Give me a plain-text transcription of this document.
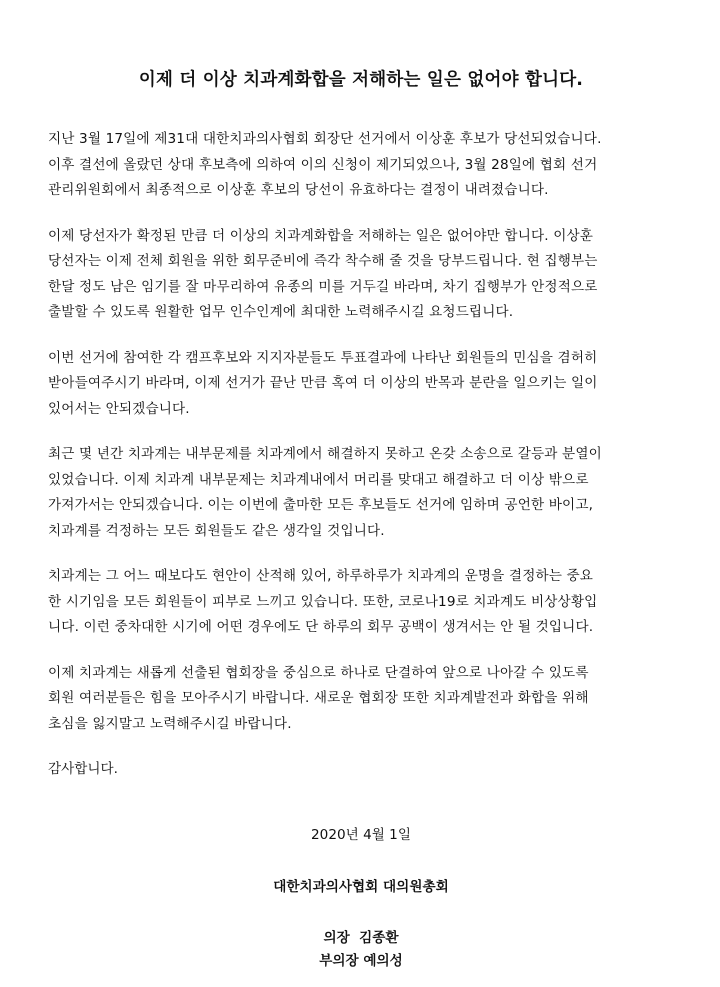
이제 더 이상 치과계화합을 저해하는 일은 없어야 합니다.

지난 3월 17일에 제31대 대한치과의사협회 회장단 선거에서 이상훈 후보가 당선되었습니다.
이후 결선에 올랐던 상대 후보측에 의하여 이의 신청이 제기되었으나, 3월 28일에 협회 선거
관리위원회에서 최종적으로 이상훈 후보의 당선이 유효하다는 결정이 내려졌습니다.

이제 당선자가 확정된 만큼 더 이상의 치과계화합을 저해하는 일은 없어야만 합니다. 이상훈
당선자는 이제 전체 회원을 위한 회무준비에 즉각 착수해 줄 것을 당부드립니다. 현 집행부는
한달 정도 남은 임기를 잘 마무리하여 유종의 미를 거두길 바라며, 차기 집행부가 안정적으로
출발할 수 있도록 원활한 업무 인수인계에 최대한 노력해주시길 요청드립니다.

이번 선거에 참여한 각 캠프후보와 지지자분들도 투표결과에 나타난 회원들의 민심을 겸허히
받아들여주시기 바라며, 이제 선거가 끝난 만큼 혹여 더 이상의 반목과 분란을 일으키는 일이
있어서는 안되겠습니다.

최근 몇 년간 치과계는 내부문제를 치과계에서 해결하지 못하고 온갖 소송으로 갈등과 분열이
있었습니다. 이제 치과계 내부문제는 치과계내에서 머리를 맞대고 해결하고 더 이상 밖으로
가져가서는 안되겠습니다. 이는 이번에 출마한 모든 후보들도 선거에 임하며 공언한 바이고,
치과계를 걱정하는 모든 회원들도 같은 생각일 것입니다.

치과계는 그 어느 때보다도 현안이 산적해 있어, 하루하루가 치과계의 운명을 결정하는 중요
한 시기임을 모든 회원들이 피부로 느끼고 있습니다. 또한, 코로나19로 치과계도 비상상황입
니다. 이런 중차대한 시기에 어떤 경우에도 단 하루의 회무 공백이 생겨서는 안 될 것입니다.

이제 치과계는 새롭게 선출된 협회장을 중심으로 하나로 단결하여 앞으로 나아갈 수 있도록
회원 여러분들은 힘을 모아주시기 바랍니다. 새로운 협회장 또한 치과계발전과 화합을 위해
초심을 잃지말고 노력해주시길 바랍니다.

감사합니다.

2020년 4월 1일
대한치과의사협회 대의원총회
의장  김종환
부의장 예의성
